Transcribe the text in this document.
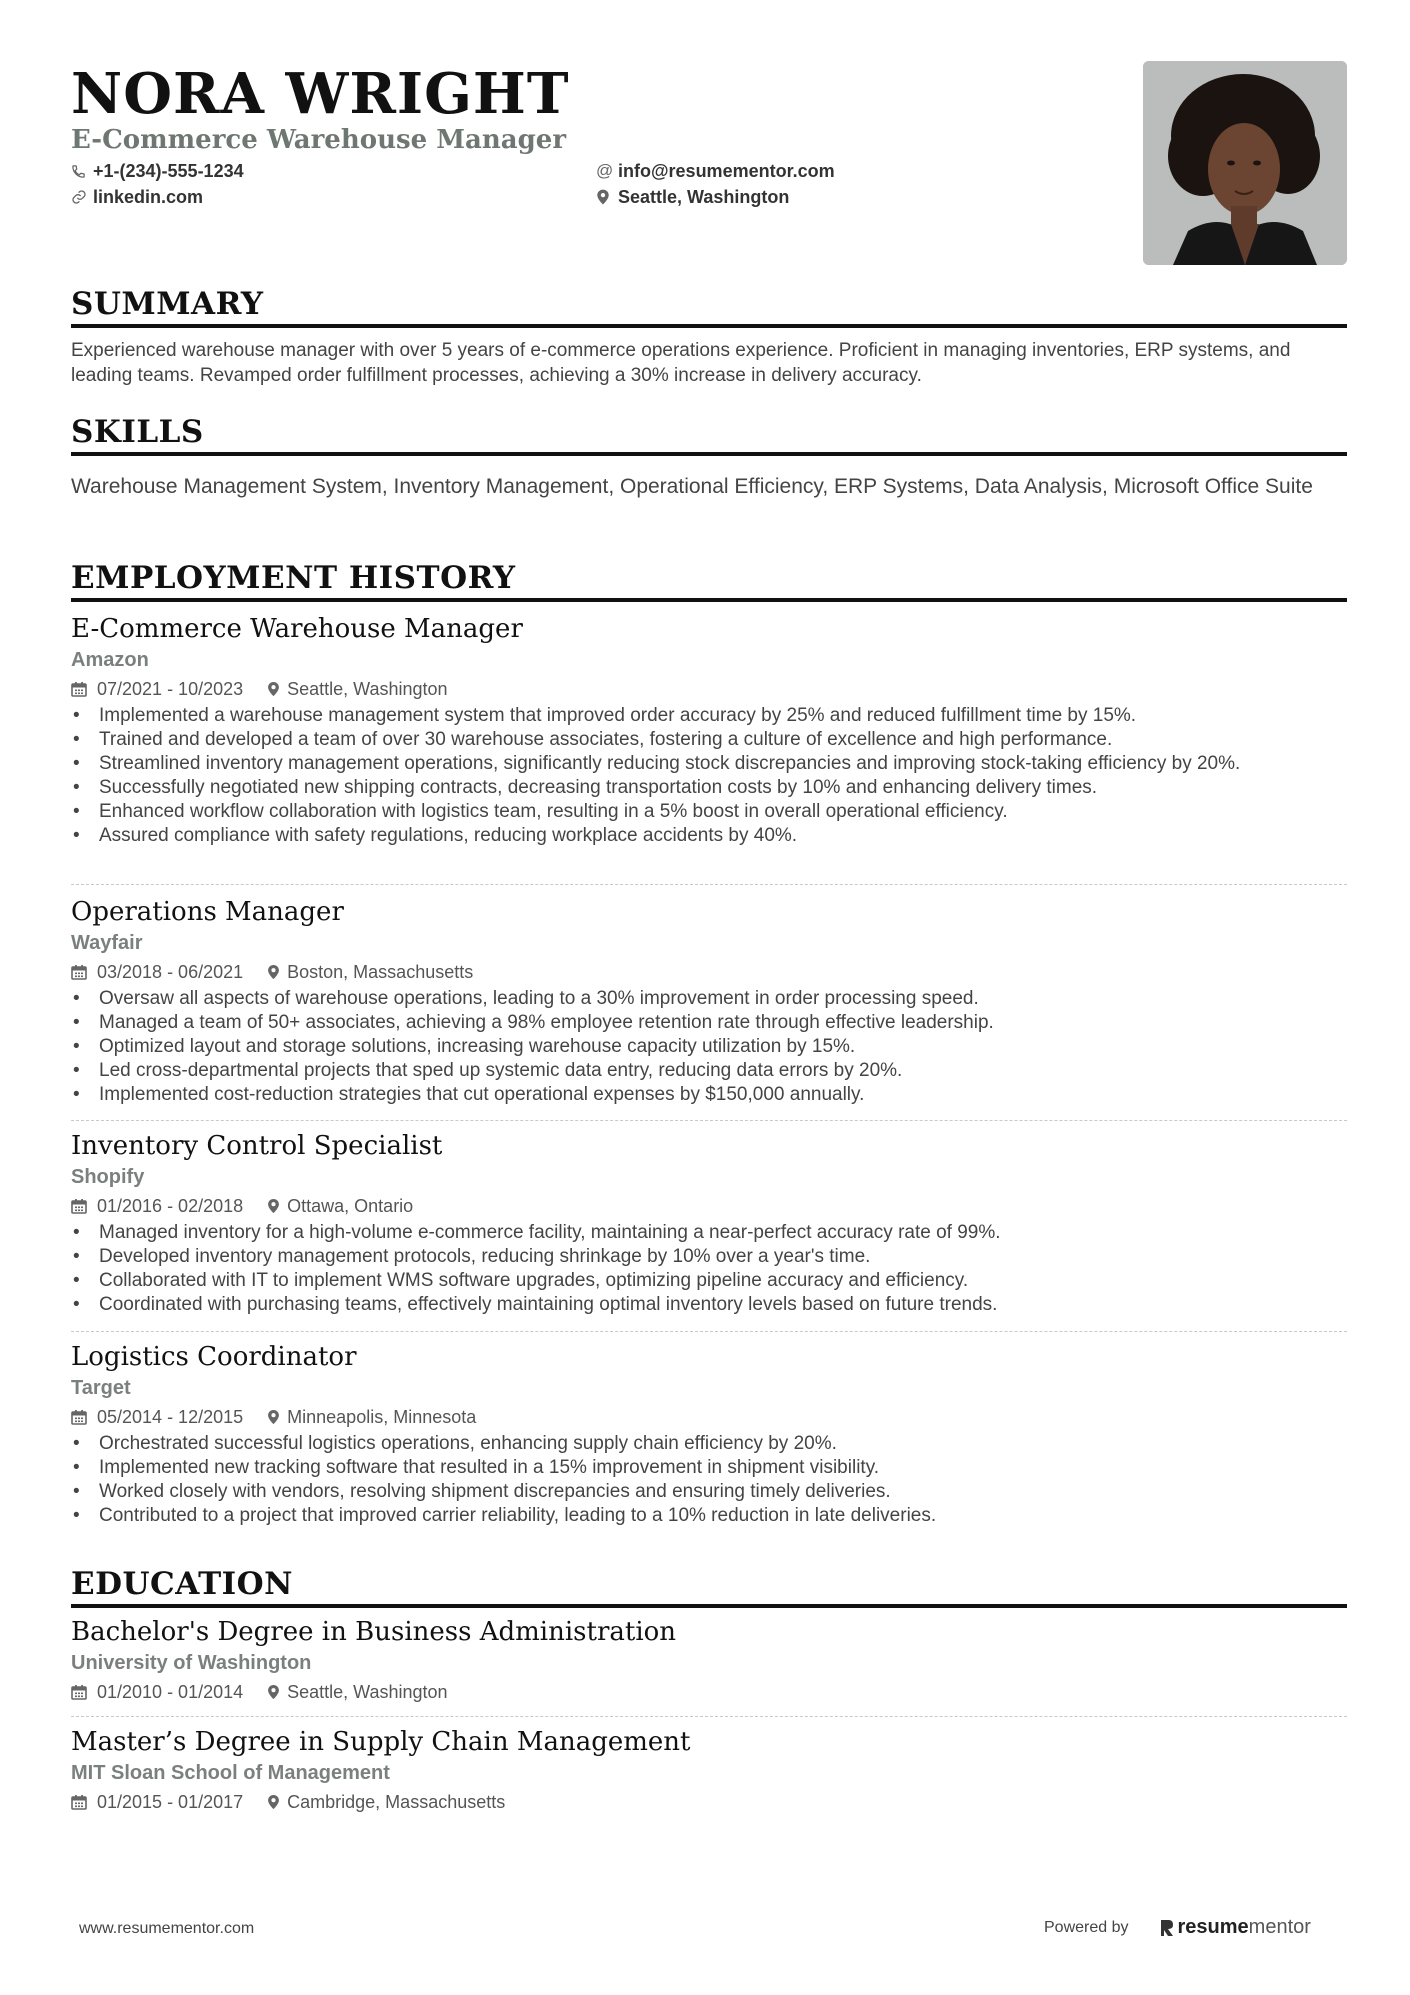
NORA WRIGHT
E-Commerce Warehouse Manager
+1-(234)-555-1234
linkedin.com
@ info@resumementor.com
Seattle, Washington
SUMMARY
Experienced warehouse manager with over 5 years of e-commerce operations experience. Proficient in managing inventories, ERP systems, and leading teams. Revamped order fulfillment processes, achieving a 30% increase in delivery accuracy.
SKILLS
Warehouse Management System, Inventory Management, Operational Efficiency, ERP Systems, Data Analysis, Microsoft Office Suite
EMPLOYMENT HISTORY
E-Commerce Warehouse Manager
Amazon
07/2021 - 10/2023 Seattle, Washington
• Implemented a warehouse management system that improved order accuracy by 25% and reduced fulfillment time by 15%.
• Trained and developed a team of over 30 warehouse associates, fostering a culture of excellence and high performance.
• Streamlined inventory management operations, significantly reducing stock discrepancies and improving stock-taking efficiency by 20%.
• Successfully negotiated new shipping contracts, decreasing transportation costs by 10% and enhancing delivery times.
• Enhanced workflow collaboration with logistics team, resulting in a 5% boost in overall operational efficiency.
• Assured compliance with safety regulations, reducing workplace accidents by 40%.
Operations Manager
Wayfair
03/2018 - 06/2021 Boston, Massachusetts
• Oversaw all aspects of warehouse operations, leading to a 30% improvement in order processing speed.
• Managed a team of 50+ associates, achieving a 98% employee retention rate through effective leadership.
• Optimized layout and storage solutions, increasing warehouse capacity utilization by 15%.
• Led cross-departmental projects that sped up systemic data entry, reducing data errors by 20%.
• Implemented cost-reduction strategies that cut operational expenses by $150,000 annually.
Inventory Control Specialist
Shopify
01/2016 - 02/2018 Ottawa, Ontario
• Managed inventory for a high-volume e-commerce facility, maintaining a near-perfect accuracy rate of 99%.
• Developed inventory management protocols, reducing shrinkage by 10% over a year's time.
• Collaborated with IT to implement WMS software upgrades, optimizing pipeline accuracy and efficiency.
• Coordinated with purchasing teams, effectively maintaining optimal inventory levels based on future trends.
Logistics Coordinator
Target
05/2014 - 12/2015 Minneapolis, Minnesota
• Orchestrated successful logistics operations, enhancing supply chain efficiency by 20%.
• Implemented new tracking software that resulted in a 15% improvement in shipment visibility.
• Worked closely with vendors, resolving shipment discrepancies and ensuring timely deliveries.
• Contributed to a project that improved carrier reliability, leading to a 10% reduction in late deliveries.
EDUCATION
Bachelor's Degree in Business Administration
University of Washington
01/2010 - 01/2014 Seattle, Washington
Master’s Degree in Supply Chain Management
MIT Sloan School of Management
01/2015 - 01/2017 Cambridge, Massachusetts
www.resumementor.com	Powered by resume mentor
